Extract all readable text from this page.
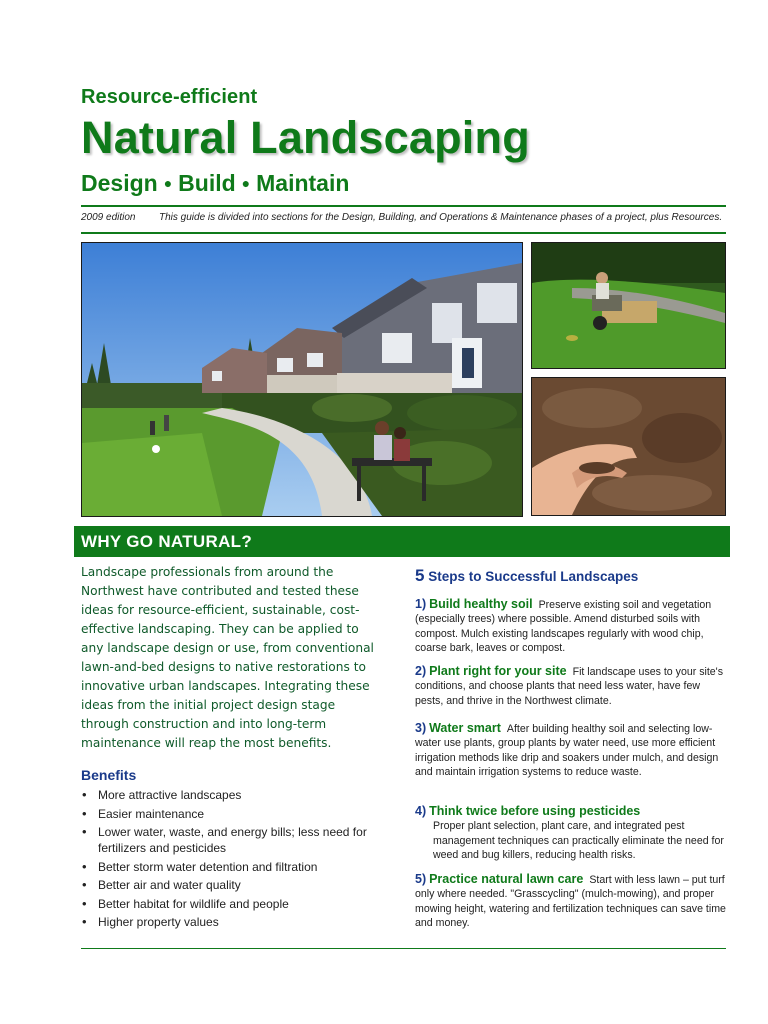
Resource-efficient
Natural Landscaping
Design ● Build ● Maintain
2009 edition	This guide is divided into sections for the Design, Building, and Operations & Maintenance phases of a project, plus Resources.
WHY GO NATURAL?
Landscape professionals from around the Northwest have contributed and tested these ideas for resource-efficient, sustainable, cost-effective landscaping. They can be applied to any landscape design or use, from conventional lawn-and-bed designs to native restorations to innovative urban landscapes. Integrating these ideas from the initial project design stage through construction and into long-term maintenance will reap the most benefits.
Benefits
• More attractive landscapes
• Easier maintenance
• Lower water, waste, and energy bills; less need for fertilizers and pesticides
• Better storm water detention and filtration
• Better air and water quality
• Better habitat for wildlife and people
• Higher property values
5 Steps to Successful Landscapes
1) Build healthy soil Preserve existing soil and vegetation (especially trees) where possible. Amend disturbed soils with compost. Mulch existing landscapes regularly with wood chip, coarse bark, leaves or compost.
2) Plant right for your site Fit landscape uses to your site's conditions, and choose plants that need less water, have few pests, and thrive in the Northwest climate.
3) Water smart After building healthy soil and selecting low-water use plants, group plants by water need, use more efficient irrigation methods like drip and soakers under mulch, and design and maintain irrigation systems to reduce waste.
4) Think twice before using pesticides
Proper plant selection, plant care, and integrated pest management techniques can practically eliminate the need for weed and bug killers, reducing health risks.
5) Practice natural lawn care Start with less lawn – put turf only where needed. "Grasscycling" (mulch-mowing), and proper mowing height, watering and fertilization techniques can save time and money.
